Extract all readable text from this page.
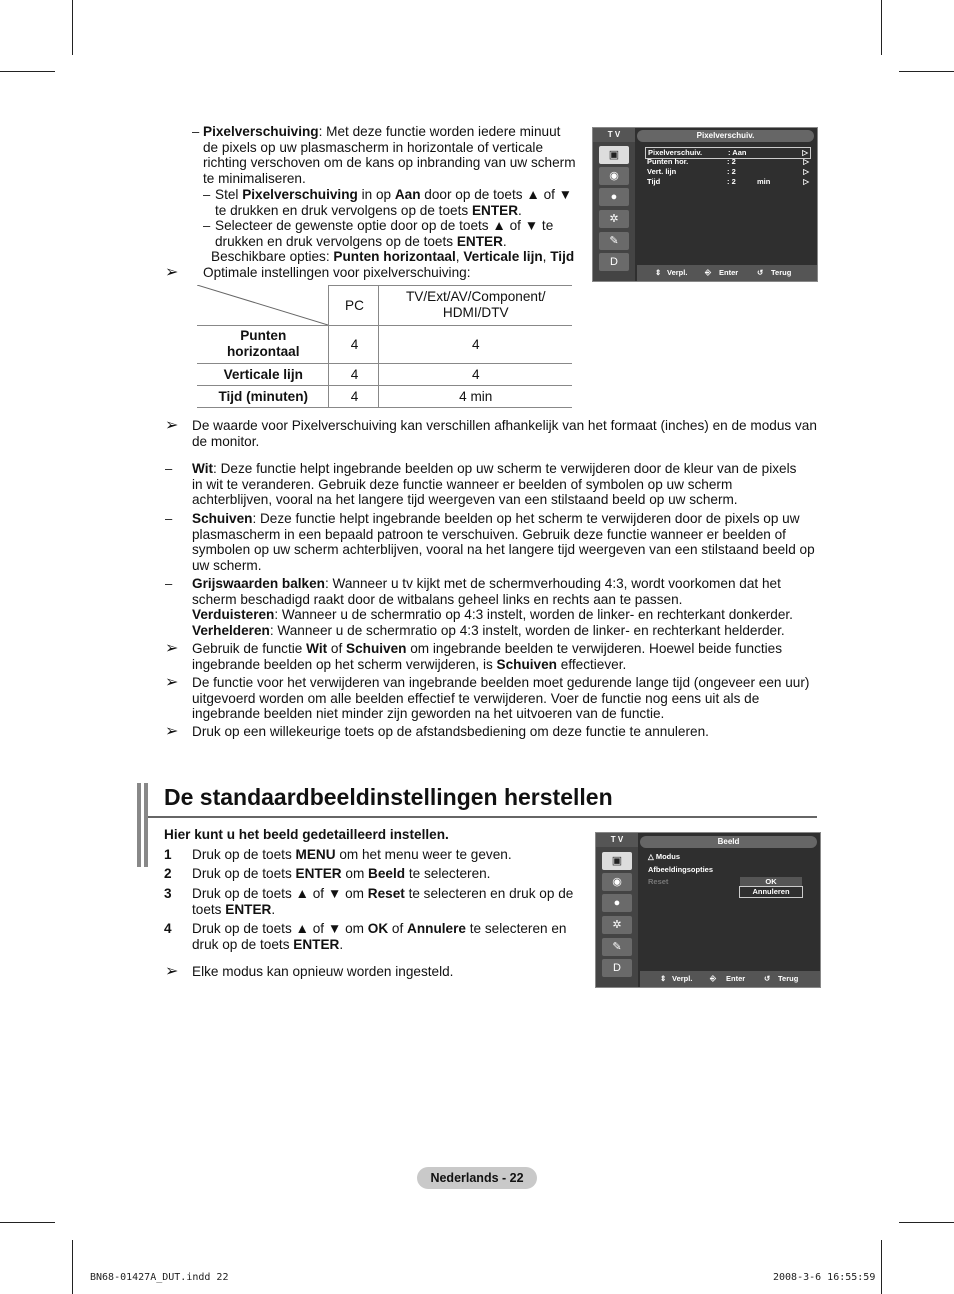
– Pixelverschuiving: Met deze functie worden iedere minuut de pixels op uw plasmascherm in horizontale of verticale richting verschoven om de kans op inbranding van uw scherm te minimaliseren.
– Stel Pixelverschuiving in op Aan door op de toets ▲ of ▼ te drukken en druk vervolgens op de toets ENTER.
– Selecteer de gewenste optie door op de toets ▲ of ▼ te drukken en druk vervolgens op de toets ENTER.
Beschikbare opties: Punten horizontaal, Verticale lijn, Tijd
➢ Optimale instellingen voor pixelverschuiving:
	PC	TV/Ext/AV/Component/ HDMI/DTV
Punten horizontaal	4	4
Verticale lijn	4	4
Tijd (minuten)	4	4 min
T V
▣
◉
●
✲
✎
D
Pixelverschuiv.
Pixelverschuiv.	: Aan	▷
Punten hor.	: 2	▷
Vert. lijn	: 2	▷
Tijd	: 2	min	▷
⇕ Verpl. ⎆ Enter	↺ Terug
➢ De waarde voor Pixelverschuiving kan verschillen afhankelijk van het formaat (inches) en de modus van de monitor.
– Wit: Deze functie helpt ingebrande beelden op uw scherm te verwijderen door de kleur van de pixels in wit te veranderen. Gebruik deze functie wanneer er beelden of symbolen op uw scherm achterblijven, vooral na het langere tijd weergeven van een stilstaand beeld op uw scherm.
– Schuiven: Deze functie helpt ingebrande beelden op het scherm te verwijderen door de pixels op uw plasmascherm in een bepaald patroon te verschuiven. Gebruik deze functie wanneer er beelden of symbolen op uw scherm achterblijven, vooral na het langere tijd weergeven van een stilstaand beeld op uw scherm.
– Grijswaarden balken: Wanneer u tv kijkt met de schermverhouding 4:3, wordt voorkomen dat het scherm beschadigd raakt door de witbalans geheel links en rechts aan te passen.
Verduisteren: Wanneer u de schermratio op 4:3 instelt, worden de linker- en rechterkant donkerder.
Verhelderen: Wanneer u de schermratio op 4:3 instelt, worden de linker- en rechterkant helderder.
➢ Gebruik de functie Wit of Schuiven om ingebrande beelden te verwijderen. Hoewel beide functies ingebrande beelden op het scherm verwijderen, is Schuiven effectiever.
➢ De functie voor het verwijderen van ingebrande beelden moet gedurende lange tijd (ongeveer een uur) uitgevoerd worden om alle beelden effectief te verwijderen. Voer de functie nog eens uit als de ingebrande beelden niet minder zijn geworden na het uitvoeren van de functie.
➢ Druk op een willekeurige toets op de afstandsbediening om deze functie te annuleren.
De standaardbeeldinstellingen herstellen
Hier kunt u het beeld gedetailleerd instellen.
1 Druk op de toets MENU om het menu weer te geven.
2 Druk op de toets ENTER om Beeld te selecteren.
3 Druk op de toets ▲ of ▼ om Reset te selecteren en druk op de toets ENTER.
4 Druk op de toets ▲ of ▼ om OK of Annulere te selecteren en druk op de toets ENTER.
➢ Elke modus kan opnieuw worden ingesteld.
T V
▣
◉
●
✲
✎
D
Beeld
△ Modus
Afbeeldingsopties
Reset	OK
Annuleren
⇕ Verpl. ⎆ Enter	↺ Terug
Nederlands - 22
BN68-01427A_DUT.indd 22	2008-3-6 16:55:59
